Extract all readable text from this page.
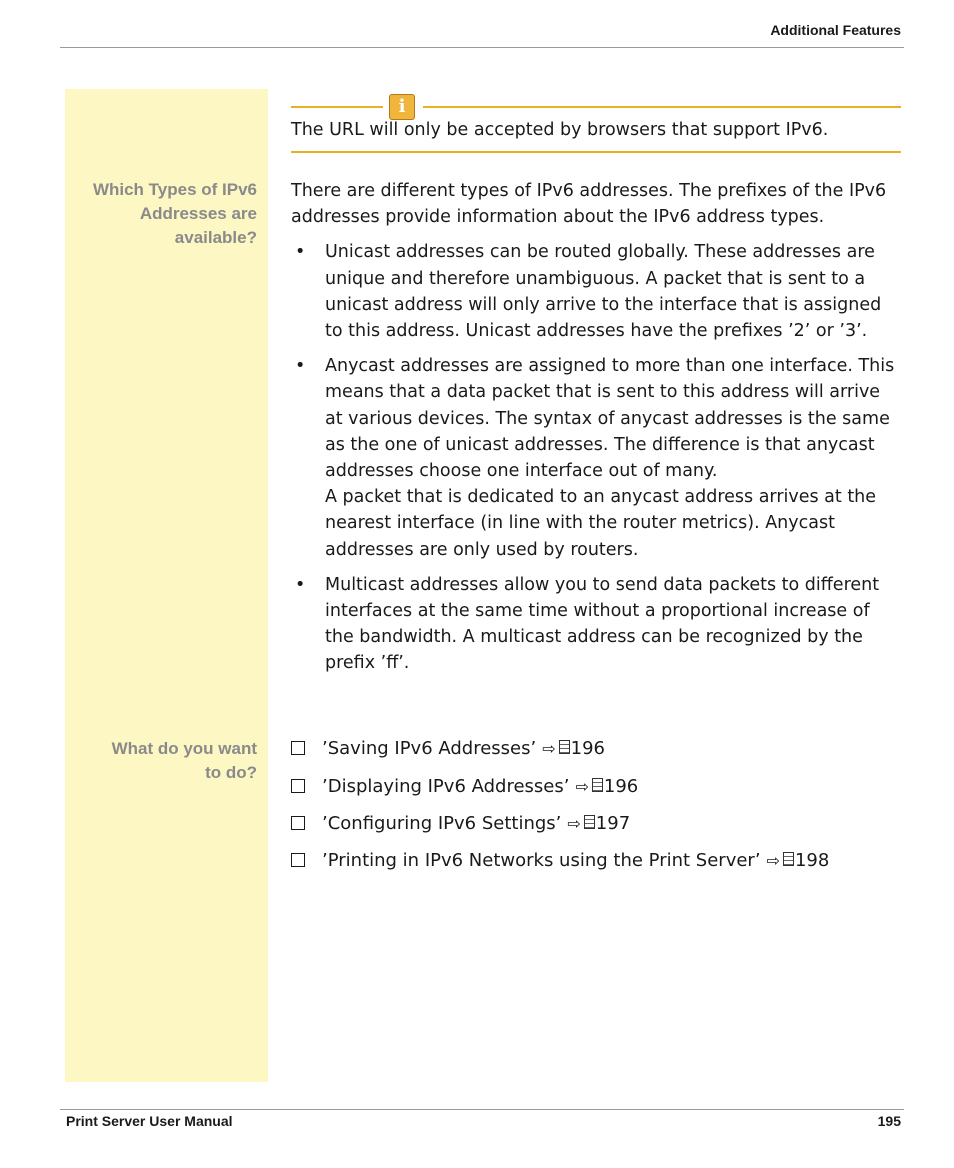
Additional Features
i
The URL will only be accepted by browsers that support IPv6.
Which Types of IPv6
Addresses are
available?

There are different types of IPv6 addresses. The prefixes of the IPv6 addresses provide information about the IPv6 address types.

• Unicast addresses can be routed globally. These addresses are unique and therefore unambiguous. A packet that is sent to a unicast address will only arrive to the interface that is assigned to this address. Unicast addresses have the prefixes ’2’ or ’3’.
• Anycast addresses are assigned to more than one interface. This means that a data packet that is sent to this address will arrive at various devices. The syntax of anycast addresses is the same as the one of unicast addresses. The difference is that anycast addresses choose one interface out of many.
A packet that is dedicated to an anycast address arrives at the nearest interface (in line with the router metrics). Anycast addresses are only used by routers.
• Multicast addresses allow you to send data packets to different interfaces at the same time without a proportional increase of the bandwidth. A multicast address can be recognized by the prefix ’ff’.
What do you want
to do?
’Saving IPv6 Addresses’ ⇨ 196
’Displaying IPv6 Addresses’ ⇨ 196
’Configuring IPv6 Settings’ ⇨ 197
’Printing in IPv6 Networks using the Print Server’ ⇨ 198
Print Server User Manual	195
